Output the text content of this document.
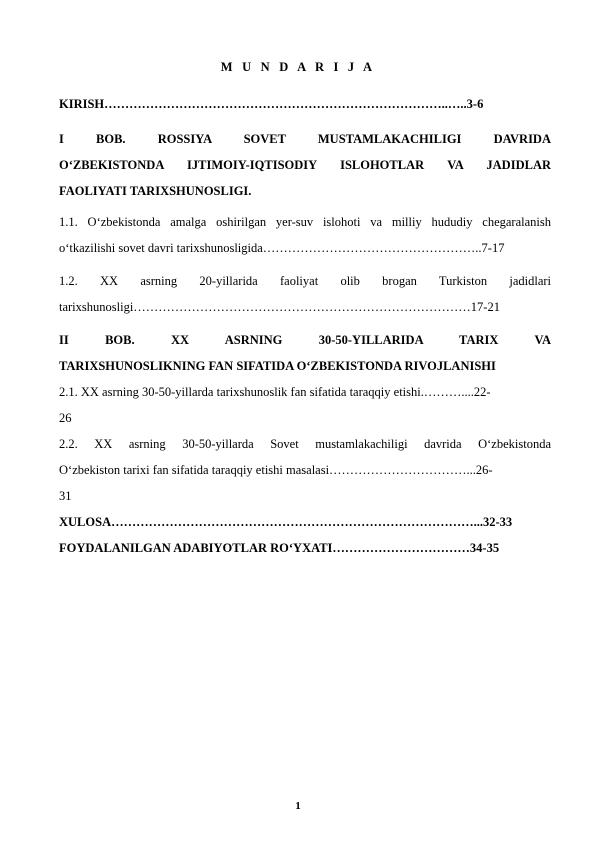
M U N D A R I J A
KIRISH………………………………………………………………………..…..3-6
I BOB. ROSSIYA SOVET MUSTAMLAKACHILIGI DAVRIDA
O‘ZBEKISTONDA IJTIMOIY-IQTISODIY ISLOHOTLAR VA JADIDLAR
FAOLIYATI TARIXSHUNOSLIGI.
1.1. O‘zbekistonda amalga oshirilgan yer-suv islohoti va milliy hududiy chegaralanish
o‘tkazilishi sovet davri tarixshunosligida……………………………………………..7-17
1.2. XX asrning 20-yillarida faoliyat olib brogan Turkiston jadidlari
tarixshunosligi………………………………………………………………………17-21
II BOB. XX ASRNING 30-50-YILLARIDA TARIX VA
TARIXSHUNOSLIKNING FAN SIFATIDA O‘ZBEKISTONDA RIVOJLANISHI
2.1. XX asrning 30-50-yillarda tarixshunoslik fan sifatida taraqqiy etishi.………....22-
26
2.2. XX asrning 30-50-yillarda Sovet mustamlakachiligi davrida O‘zbekistonda
O‘zbekiston tarixi fan sifatida taraqqiy etishi masalasi……………………………...26-
31
XULOSA……………………………………………………………………………...32-33
FOYDALANILGAN ADABIYOTLAR RO‘YXATI……………………………34-35
1
